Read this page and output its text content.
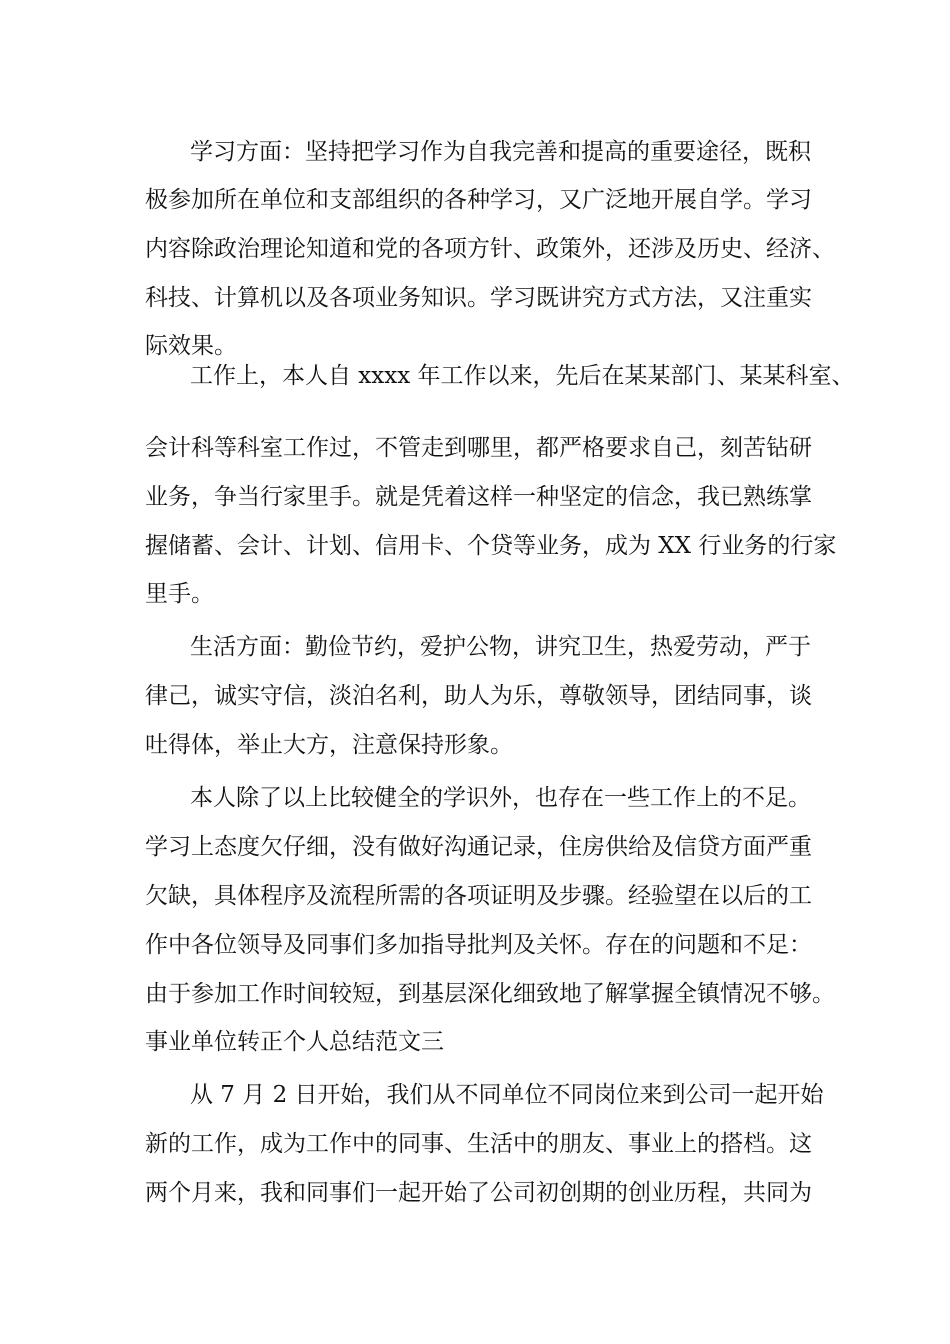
学习方面：坚持把学习作为自我完善和提高的重要途径，既积
极参加所在单位和支部组织的各种学习，又广泛地开展自学。学习
内容除政治理论知道和党的各项方针、政策外，还涉及历史、经济、
科技、计算机以及各项业务知识。学习既讲究方式方法，又注重实
际效果。
工作上，本人自 xxxx 年工作以来，先后在某某部门、某某科室、
会计科等科室工作过，不管走到哪里，都严格要求自己，刻苦钻研
业务，争当行家里手。就是凭着这样一种坚定的信念，我已熟练掌
握储蓄、会计、计划、信用卡、个贷等业务，成为 XX 行业务的行家
里手。
生活方面：勤俭节约，爱护公物，讲究卫生，热爱劳动，严于
律己，诚实守信，淡泊名利，助人为乐，尊敬领导，团结同事，谈
吐得体，举止大方，注意保持形象。
本人除了以上比较健全的学识外，也存在一些工作上的不足。
学习上态度欠仔细，没有做好沟通记录，住房供给及信贷方面严重
欠缺，具体程序及流程所需的各项证明及步骤。经验望在以后的工
作中各位领导及同事们多加指导批判及关怀。存在的问题和不足：
由于参加工作时间较短，到基层深化细致地了解掌握全镇情况不够。
事业单位转正个人总结范文三
从 7 月 2 日开始，我们从不同单位不同岗位来到公司一起开始
新的工作，成为工作中的同事、生活中的朋友、事业上的搭档。这
两个月来，我和同事们一起开始了公司初创期的创业历程，共同为
